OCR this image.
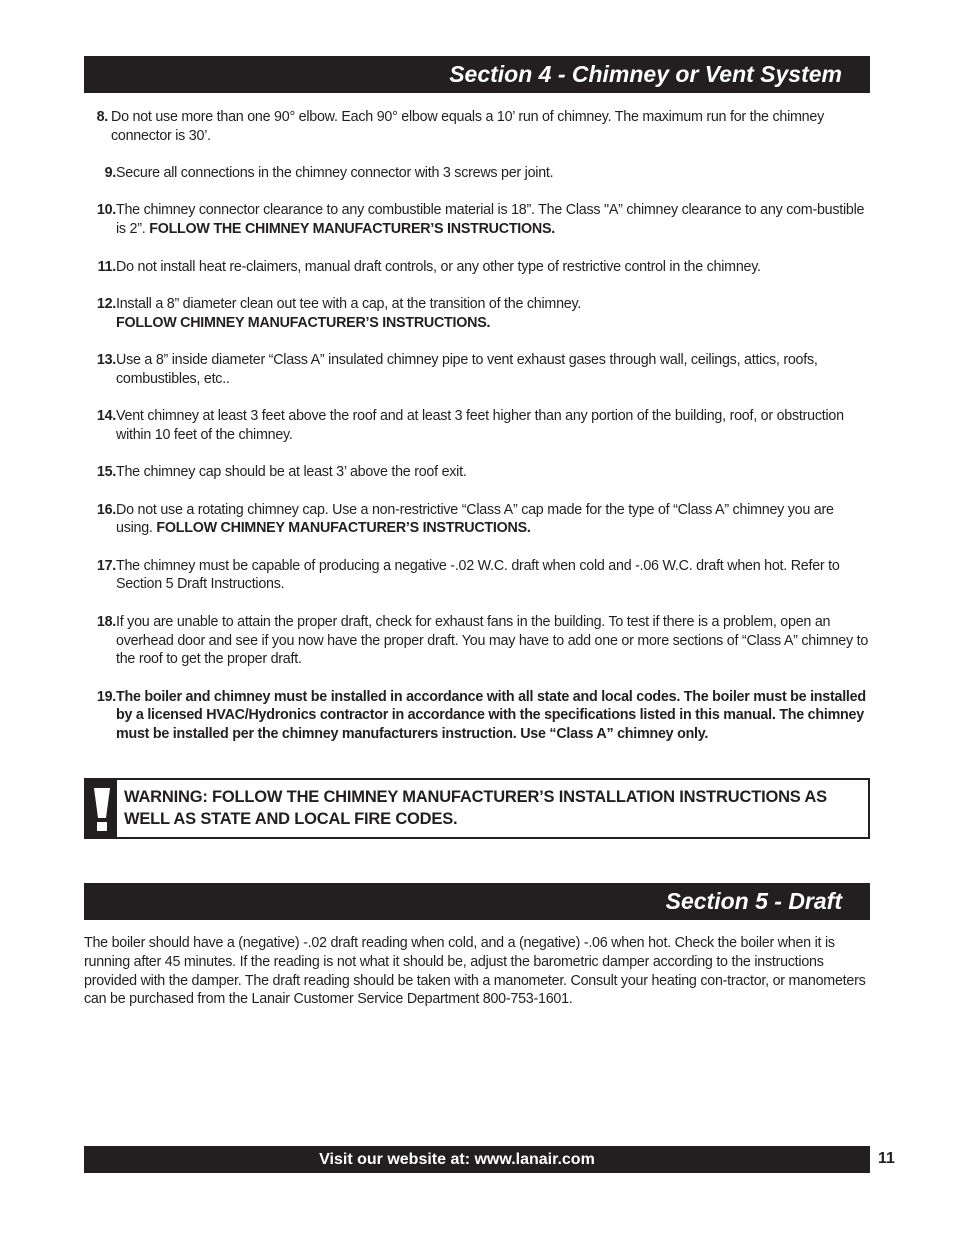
Section 4 - Chimney or Vent System
8. Do not use more than one 90° elbow. Each 90° elbow equals a 10’ run of chimney. The maximum run for the chimney connector is 30’.
9. Secure all connections in the chimney connector with 3 screws per joint.
10. The chimney connector clearance to any combustible material is 18”. The Class "A” chimney clearance to any com-bustible is 2”. FOLLOW THE CHIMNEY MANUFACTURER’S INSTRUCTIONS.
11. Do not install heat re-claimers, manual draft controls, or any other type of restrictive control in the chimney.
12. Install a 8” diameter clean out tee with a cap, at the transition of the chimney.
FOLLOW CHIMNEY MANUFACTURER’S INSTRUCTIONS.
13. Use a 8” inside diameter “Class A” insulated chimney pipe to vent exhaust gases through wall, ceilings, attics, roofs, combustibles, etc..
14. Vent chimney at least 3 feet above the roof and at least 3 feet higher than any portion of the building, roof, or obstruction within 10 feet of the chimney.
15. The chimney cap should be at least 3’ above the roof exit.
16. Do not use a rotating chimney cap. Use a non-restrictive “Class A” cap made for the type of “Class A” chimney you are using. FOLLOW CHIMNEY MANUFACTURER’S INSTRUCTIONS.
17. The chimney must be capable of producing a negative -.02 W.C. draft when cold and -.06 W.C. draft when hot. Refer to Section 5 Draft Instructions.
18. If you are unable to attain the proper draft, check for exhaust fans in the building. To test if there is a problem, open an overhead door and see if you now have the proper draft. You may have to add one or more sections of “Class A” chimney to the roof to get the proper draft.
19. The boiler and chimney must be installed in accordance with all state and local codes. The boiler must be installed by a licensed HVAC/Hydronics contractor in accordance with the specifications listed in this manual. The chimney must be installed per the chimney manufacturers instruction. Use “Class A” chimney only.
WARNING: FOLLOW THE CHIMNEY MANUFACTURER’S INSTALLATION INSTRUCTIONS AS WELL AS STATE AND LOCAL FIRE CODES.
Section 5 - Draft
The boiler should have a (negative) -.02 draft reading when cold, and a (negative) -.06 when hot. Check the boiler when it is running after 45 minutes. If the reading is not what it should be, adjust the barometric damper according to the instructions provided with the damper. The draft reading should be taken with a manometer. Consult your heating con-tractor, or manometers can be purchased from the Lanair Customer Service Department 800-753-1601.
Visit our website at: www.lanair.com	11
